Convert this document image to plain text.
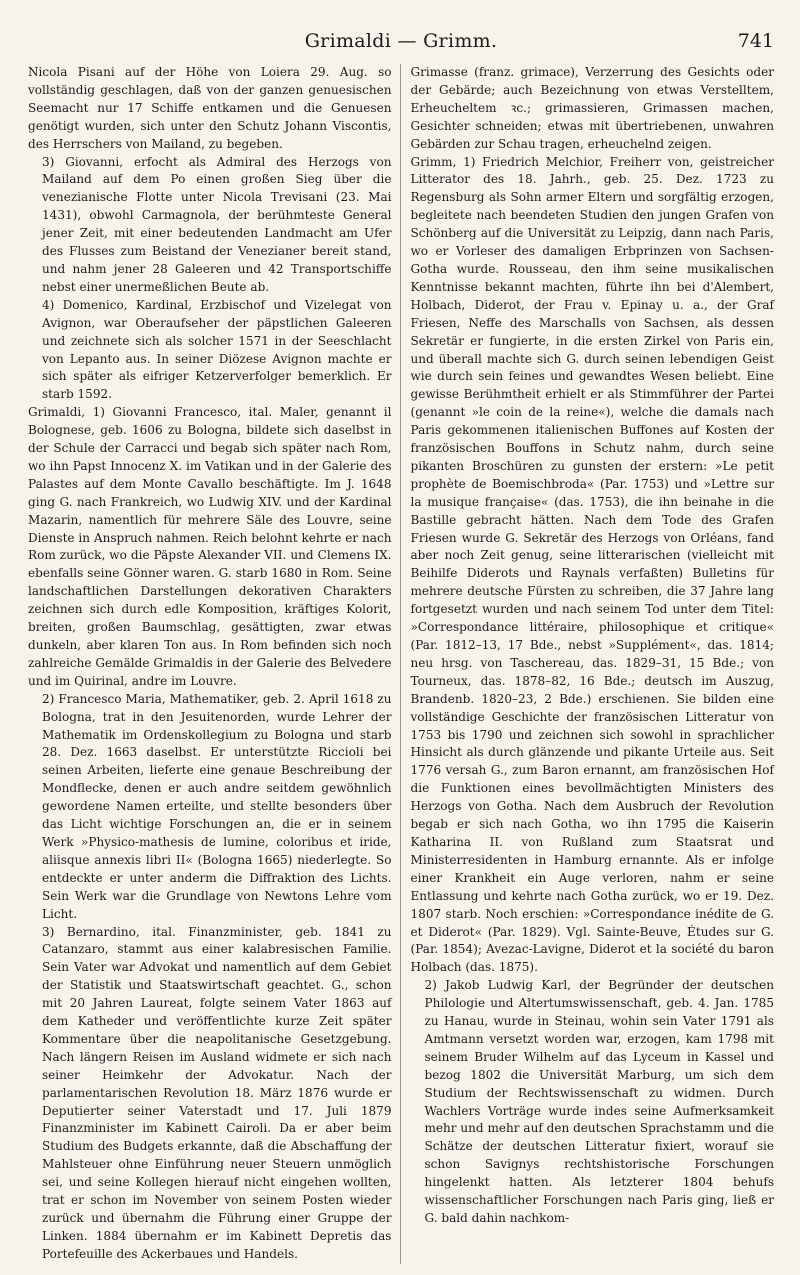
Grimaldi — Grimm.	741

Nicola Pisani auf der Höhe von Loiera 29. Aug. so vollständig geschlagen, daß von der ganzen genuesischen Seemacht nur 17 Schiffe entkamen und die Genuesen genötigt wurden, sich unter den Schutz Johann Viscontis, des Herrschers von Mailand, zu begeben.

3) Giovanni, erfocht als Admiral des Herzogs von Mailand auf dem Po einen großen Sieg über die venezianische Flotte unter Nicola Trevisani (23. Mai 1431), obwohl Carmagnola, der berühmteste General jener Zeit, mit einer bedeutenden Landmacht am Ufer des Flusses zum Beistand der Venezianer bereit stand, und nahm jener 28 Galeeren und 42 Transportschiffe nebst einer unermeßlichen Beute ab.

4) Domenico, Kardinal, Erzbischof und Vizelegat von Avignon, war Oberaufseher der päpstlichen Galeeren und zeichnete sich als solcher 1571 in der Seeschlacht von Lepanto aus. In seiner Diözese Avignon machte er sich später als eifriger Ketzerverfolger bemerklich. Er starb 1592.

Grimaldi, 1) Giovanni Francesco, ital. Maler, genannt il Bolognese, geb. 1606 zu Bologna, bildete sich daselbst in der Schule der Carracci und begab sich später nach Rom, wo ihn Papst Innocenz X. im Vatikan und in der Galerie des Palastes auf dem Monte Cavallo beschäftigte. Im J. 1648 ging G. nach Frankreich, wo Ludwig XIV. und der Kardinal Mazarin, namentlich für mehrere Säle des Louvre, seine Dienste in Anspruch nahmen. Reich belohnt kehrte er nach Rom zurück, wo die Päpste Alexander VII. und Clemens IX. ebenfalls seine Gönner waren. G. starb 1680 in Rom. Seine landschaftlichen Darstellungen dekorativen Charakters zeichnen sich durch edle Komposition, kräftiges Kolorit, breiten, großen Baumschlag, gesättigten, zwar etwas dunkeln, aber klaren Ton aus. In Rom befinden sich noch zahlreiche Gemälde Grimaldis in der Galerie des Belvedere und im Quirinal, andre im Louvre.

2) Francesco Maria, Mathematiker, geb. 2. April 1618 zu Bologna, trat in den Jesuitenorden, wurde Lehrer der Mathematik im Ordenskollegium zu Bologna und starb 28. Dez. 1663 daselbst. Er unterstützte Riccioli bei seinen Arbeiten, lieferte eine genaue Beschreibung der Mondflecke, denen er auch andre seitdem gewöhnlich gewordene Namen erteilte, und stellte besonders über das Licht wichtige Forschungen an, die er in seinem Werk »Physico-mathesis de lumine, coloribus et iride, aliisque annexis libri II« (Bologna 1665) niederlegte. So entdeckte er unter anderm die Diffraktion des Lichts. Sein Werk war die Grundlage von Newtons Lehre vom Licht.

3) Bernardino, ital. Finanzminister, geb. 1841 zu Catanzaro, stammt aus einer kalabresischen Familie. Sein Vater war Advokat und namentlich auf dem Gebiet der Statistik und Staatswirtschaft geachtet. G., schon mit 20 Jahren Laureat, folgte seinem Vater 1863 auf dem Katheder und veröffentlichte kurze Zeit später Kommentare über die neapolitanische Gesetzgebung. Nach längern Reisen im Ausland widmete er sich nach seiner Heimkehr der Advokatur. Nach der parlamentarischen Revolution 18. März 1876 wurde er Deputierter seiner Vaterstadt und 17. Juli 1879 Finanzminister im Kabinett Cairoli. Da er aber beim Studium des Budgets erkannte, daß die Abschaffung der Mahlsteuer ohne Einführung neuer Steuern unmöglich sei, und seine Kollegen hierauf nicht eingehen wollten, trat er schon im November von seinem Posten wieder zurück und übernahm die Führung einer Gruppe der Linken. 1884 übernahm er im Kabinett Depretis das Portefeuille des Ackerbaues und Handels.

Grimasse (franz. grimace), Verzerrung des Gesichts oder der Gebärde; auch Bezeichnung von etwas Verstelltem, Erheucheltem ꝛc.; grimassieren, Grimassen machen, Gesichter schneiden; etwas mit übertriebenen, unwahren Gebärden zur Schau tragen, erheuchelnd zeigen.

Grimm, 1) Friedrich Melchior, Freiherr von, geistreicher Litterator des 18. Jahrh., geb. 25. Dez. 1723 zu Regensburg als Sohn armer Eltern und sorgfältig erzogen, begleitete nach beendeten Studien den jungen Grafen von Schönberg auf die Universität zu Leipzig, dann nach Paris, wo er Vorleser des damaligen Erbprinzen von Sachsen-Gotha wurde. Rousseau, den ihm seine musikalischen Kenntnisse bekannt machten, führte ihn bei d'Alembert, Holbach, Diderot, der Frau v. Epinay u. a., der Graf Friesen, Neffe des Marschalls von Sachsen, als dessen Sekretär er fungierte, in die ersten Zirkel von Paris ein, und überall machte sich G. durch seinen lebendigen Geist wie durch sein feines und gewandtes Wesen beliebt. Eine gewisse Berühmtheit erhielt er als Stimmführer der Partei (genannt »le coin de la reine«), welche die damals nach Paris gekommenen italienischen Buffones auf Kosten der französischen Bouffons in Schutz nahm, durch seine pikanten Broschüren zu gunsten der erstern: »Le petit prophète de Boemischbroda« (Par. 1753) und »Lettre sur la musique française« (das. 1753), die ihn beinahe in die Bastille gebracht hätten. Nach dem Tode des Grafen Friesen wurde G. Sekretär des Herzogs von Orléans, fand aber noch Zeit genug, seine litterarischen (vielleicht mit Beihilfe Diderots und Raynals verfaßten) Bulletins für mehrere deutsche Fürsten zu schreiben, die 37 Jahre lang fortgesetzt wurden und nach seinem Tod unter dem Titel: »Correspondance littéraire, philosophique et critique« (Par. 1812–13, 17 Bde., nebst »Supplément«, das. 1814; neu hrsg. von Taschereau, das. 1829–31, 15 Bde.; von Tourneux, das. 1878–82, 16 Bde.; deutsch im Auszug, Brandenb. 1820–23, 2 Bde.) erschienen. Sie bilden eine vollständige Geschichte der französischen Litteratur von 1753 bis 1790 und zeichnen sich sowohl in sprachlicher Hinsicht als durch glänzende und pikante Urteile aus. Seit 1776 versah G., zum Baron ernannt, am französischen Hof die Funktionen eines bevollmächtigten Ministers des Herzogs von Gotha. Nach dem Ausbruch der Revolution begab er sich nach Gotha, wo ihn 1795 die Kaiserin Katharina II. von Rußland zum Staatsrat und Ministerresidenten in Hamburg ernannte. Als er infolge einer Krankheit ein Auge verloren, nahm er seine Entlassung und kehrte nach Gotha zurück, wo er 19. Dez. 1807 starb. Noch erschien: »Correspondance inédite de G. et Diderot« (Par. 1829). Vgl. Sainte-Beuve, Études sur G. (Par. 1854); Avezac-Lavigne, Diderot et la société du baron Holbach (das. 1875).

2) Jakob Ludwig Karl, der Begründer der deutschen Philologie und Altertumswissenschaft, geb. 4. Jan. 1785 zu Hanau, wurde in Steinau, wohin sein Vater 1791 als Amtmann versetzt worden war, erzogen, kam 1798 mit seinem Bruder Wilhelm auf das Lyceum in Kassel und bezog 1802 die Universität Marburg, um sich dem Studium der Rechtswissenschaft zu widmen. Durch Wachlers Vorträge wurde indes seine Aufmerksamkeit mehr und mehr auf den deutschen Sprachstamm und die Schätze der deutschen Litteratur fixiert, worauf sie schon Savignys rechtshistorische Forschungen hingelenkt hatten. Als letzterer 1804 behufs wissenschaftlicher Forschungen nach Paris ging, ließ er G. bald dahin nachkom-
